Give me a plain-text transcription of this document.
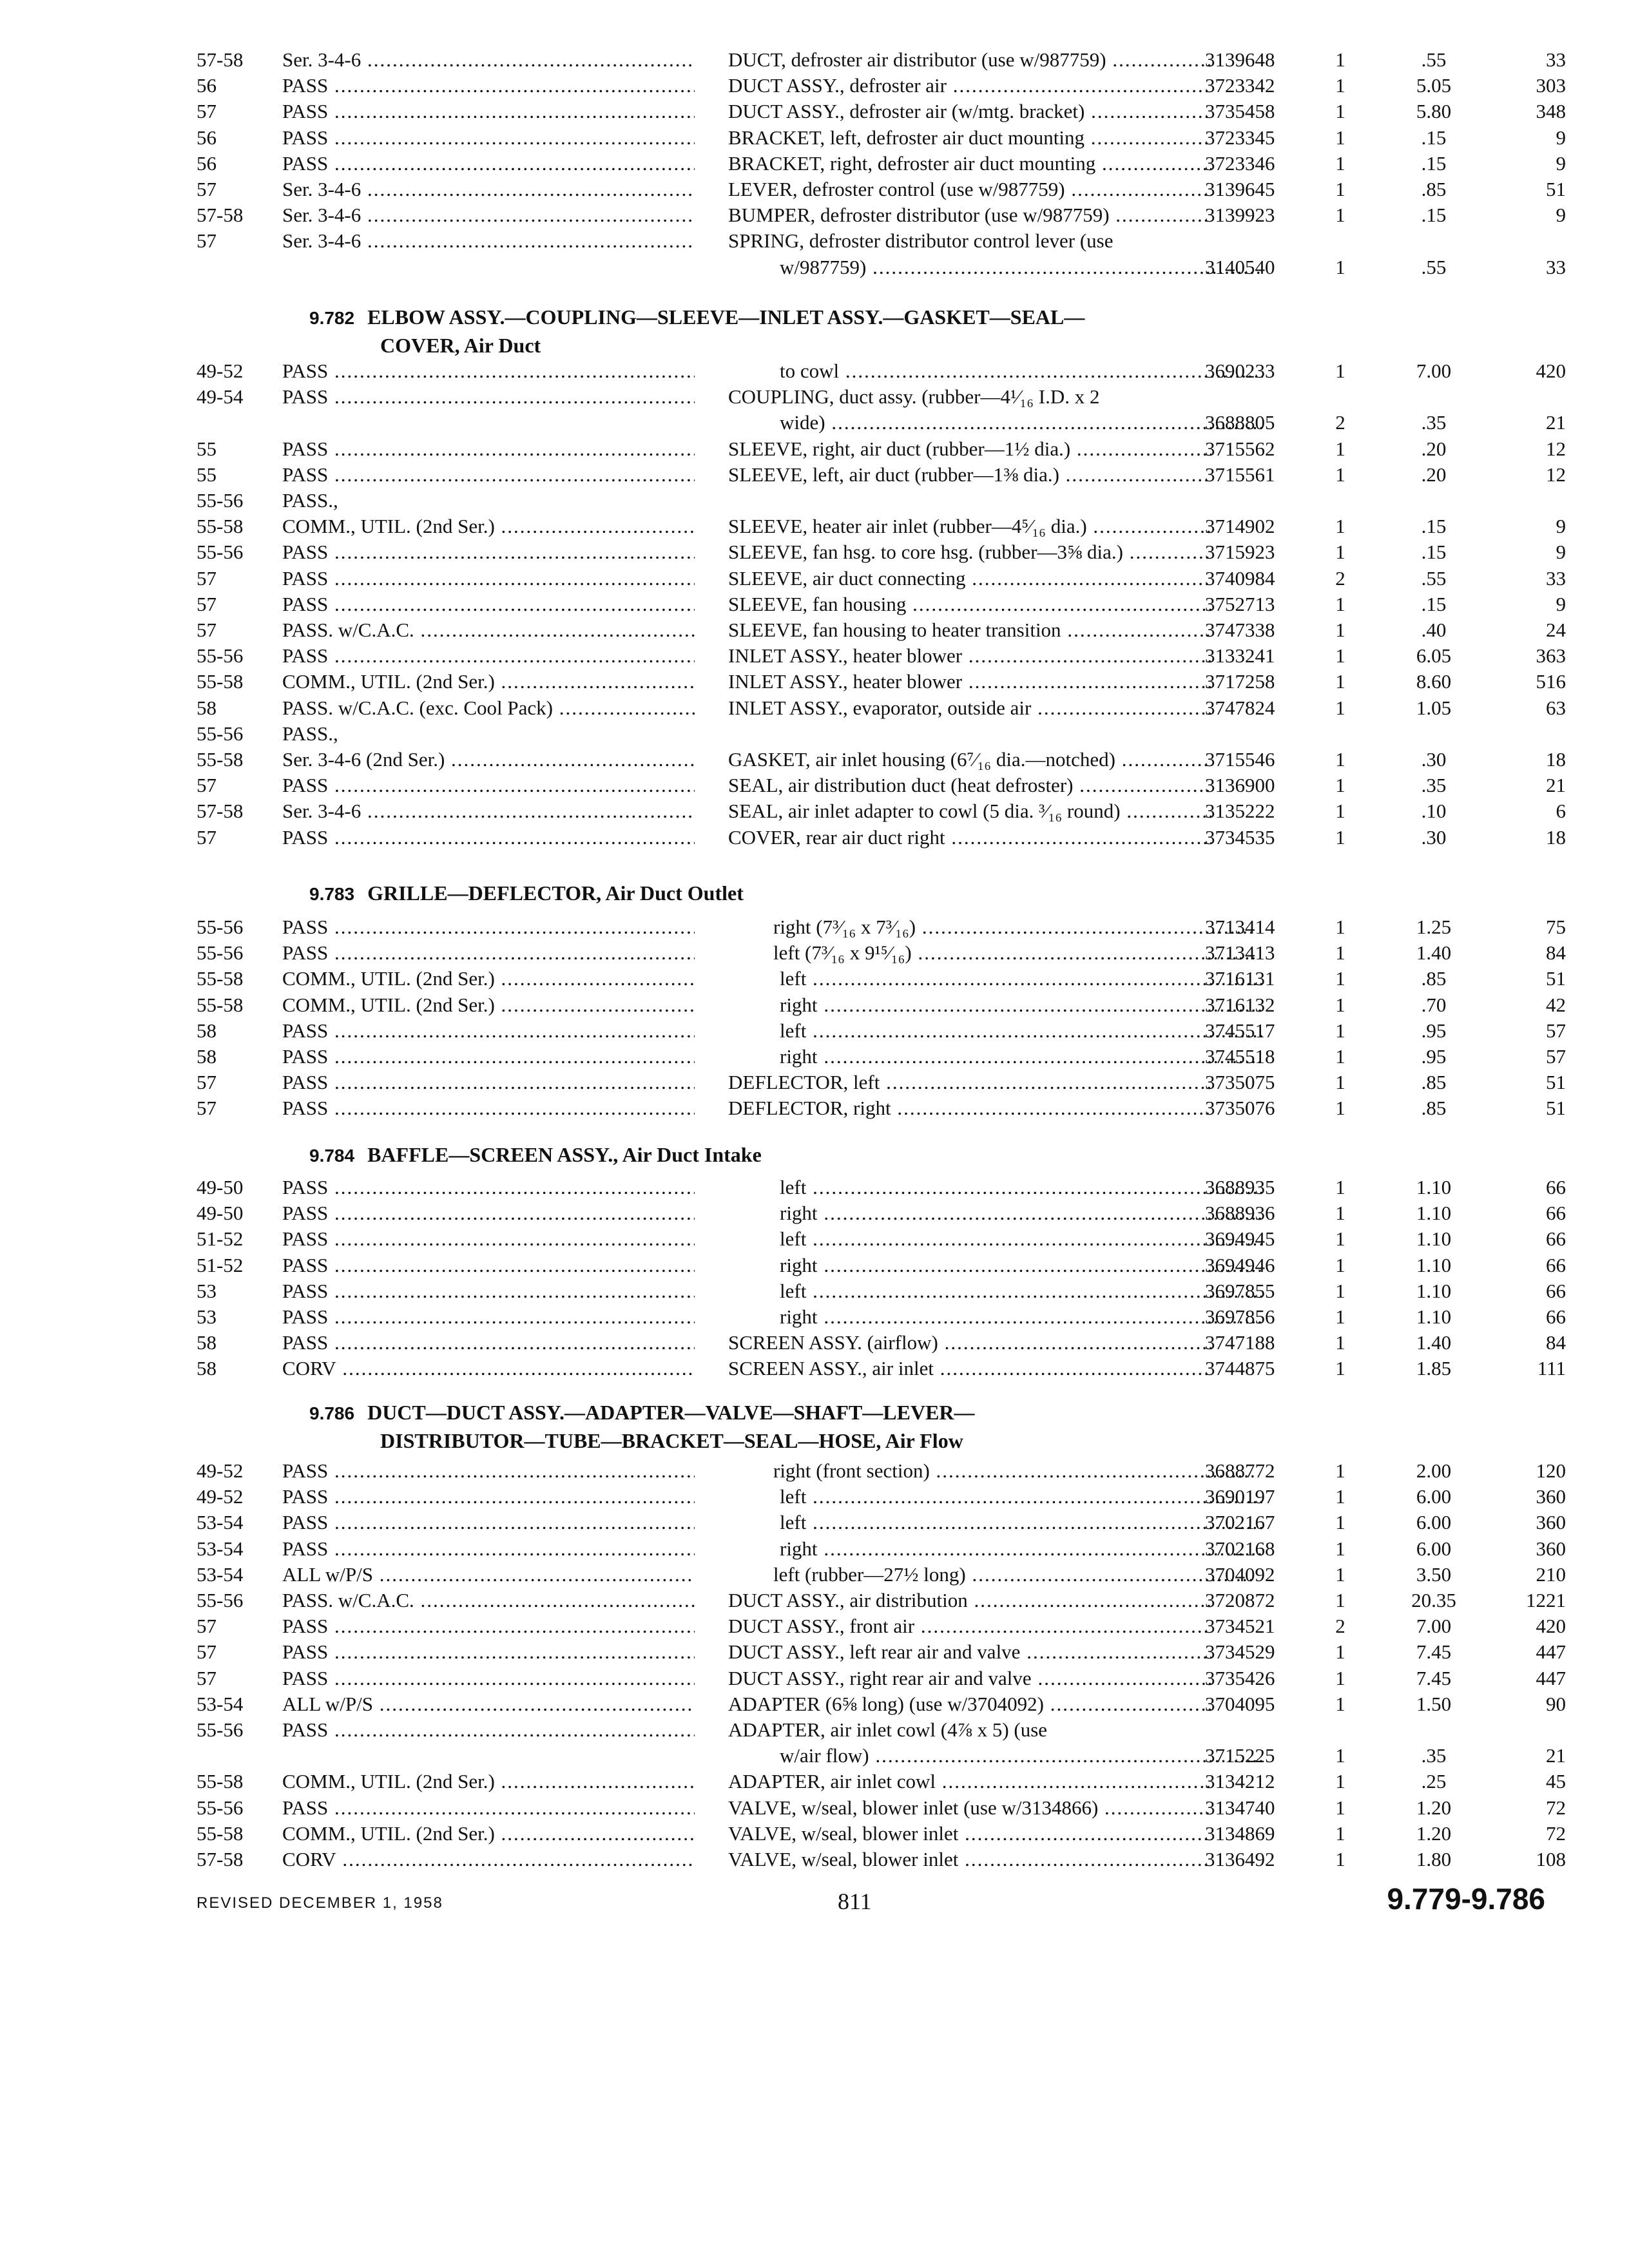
57-58	Ser. 3-4-6 .....	DUCT, defroster air distributor (use w/987759) .....	3139648	1	.55	33
56	PASS .....	DUCT ASSY., defroster air .....	3723342	1	5.05	303
57	PASS .....	DUCT ASSY., defroster air (w/mtg. bracket) .....	3735458	1	5.80	348
56	PASS .....	BRACKET, left, defroster air duct mounting .....	3723345	1	.15	9
56	PASS .....	BRACKET, right, defroster air duct mounting .....	3723346	1	.15	9
57	Ser. 3-4-6 .....	LEVER, defroster control (use w/987759) .....	3139645	1	.85	51
57-58	Ser. 3-4-6 .....	BUMPER, defroster distributor (use w/987759) .....	3139923	1	.15	9
57	Ser. 3-4-6 .....	SPRING, defroster distributor control lever (use
w/987759) .....	3140540	1	.55	33
9.782 ELBOW ASSY.—COUPLING—SLEEVE—INLET ASSY.—GASKET—SEAL—
COVER, Air Duct
49-52	PASS .....	to cowl .....	3690233	1	7.00	420
49-54	PASS .....	COUPLING, duct assy. (rubber—4¹⁄₁₆ I.D. x 2
wide) .....	3688805	2	.35	21
55	PASS .....	SLEEVE, right, air duct (rubber—1½ dia.) .....	3715562	1	.20	12
55	PASS .....	SLEEVE, left, air duct (rubber—1⅜ dia.) .....	3715561	1	.20	12
55-56	PASS.,
55-58	COMM., UTIL. (2nd Ser.) .....	SLEEVE, heater air inlet (rubber—4⁵⁄₁₆ dia.) .....	3714902	1	.15	9
55-56	PASS .....	SLEEVE, fan hsg. to core hsg. (rubber—3⅝ dia.) .....	3715923	1	.15	9
57	PASS .....	SLEEVE, air duct connecting .....	3740984	2	.55	33
57	PASS .....	SLEEVE, fan housing .....	3752713	1	.15	9
57	PASS. w/C.A.C. .....	SLEEVE, fan housing to heater transition .....	3747338	1	.40	24
55-56	PASS .....	INLET ASSY., heater blower .....	3133241	1	6.05	363
55-58	COMM., UTIL. (2nd Ser.) .....	INLET ASSY., heater blower .....	3717258	1	8.60	516
58	PASS. w/C.A.C. (exc. Cool Pack) .....	INLET ASSY., evaporator, outside air .....	3747824	1	1.05	63
55-56	PASS.,
55-58	Ser. 3-4-6 (2nd Ser.) .....	GASKET, air inlet housing (6⁷⁄₁₆ dia.—notched) .....	3715546	1	.30	18
57	PASS .....	SEAL, air distribution duct (heat defroster) .....	3136900	1	.35	21
57-58	Ser. 3-4-6 .....	SEAL, air inlet adapter to cowl (5 dia. ³⁄₁₆ round) .....	3135222	1	.10	6
57	PASS .....	COVER, rear air duct right .....	3734535	1	.30	18
9.783 GRILLE—DEFLECTOR, Air Duct Outlet
55-56	PASS .....	right (7³⁄₁₆ x 7³⁄₁₆) .....	3713414	1	1.25	75
55-56	PASS .....	left (7³⁄₁₆ x 9¹⁵⁄₁₆) .....	3713413	1	1.40	84
55-58	COMM., UTIL. (2nd Ser.) .....	left .....	3716131	1	.85	51
55-58	COMM., UTIL. (2nd Ser.) .....	right .....	3716132	1	.70	42
58	PASS .....	left .....	3745517	1	.95	57
58	PASS .....	right .....	3745518	1	.95	57
57	PASS .....	DEFLECTOR, left .....	3735075	1	.85	51
57	PASS .....	DEFLECTOR, right .....	3735076	1	.85	51
9.784 BAFFLE—SCREEN ASSY., Air Duct Intake
49-50	PASS .....	left .....	3688935	1	1.10	66
49-50	PASS .....	right .....	3688936	1	1.10	66
51-52	PASS .....	left .....	3694945	1	1.10	66
51-52	PASS .....	right .....	3694946	1	1.10	66
53	PASS .....	left .....	3697855	1	1.10	66
53	PASS .....	right .....	3697856	1	1.10	66
58	PASS .....	SCREEN ASSY. (airflow) .....	3747188	1	1.40	84
58	CORV .....	SCREEN ASSY., air inlet .....	3744875	1	1.85	111
9.786 DUCT—DUCT ASSY.—ADAPTER—VALVE—SHAFT—LEVER—
DISTRIBUTOR—TUBE—BRACKET—SEAL—HOSE, Air Flow
49-52	PASS .....	right (front section) .....	3688772	1	2.00	120
49-52	PASS .....	left .....	3690197	1	6.00	360
53-54	PASS .....	left .....	3702167	1	6.00	360
53-54	PASS .....	right .....	3702168	1	6.00	360
53-54	ALL w/P/S .....	left (rubber—27½ long) .....	3704092	1	3.50	210
55-56	PASS. w/C.A.C. .....	DUCT ASSY., air distribution .....	3720872	1	20.35	1221
57	PASS .....	DUCT ASSY., front air .....	3734521	2	7.00	420
57	PASS .....	DUCT ASSY., left rear air and valve .....	3734529	1	7.45	447
57	PASS .....	DUCT ASSY., right rear air and valve .....	3735426	1	7.45	447
53-54	ALL w/P/S .....	ADAPTER (6⅝ long) (use w/3704092) .....	3704095	1	1.50	90
55-56	PASS .....	ADAPTER, air inlet cowl (4⅞ x 5) (use
w/air flow) .....	3715225	1	.35	21
55-58	COMM., UTIL. (2nd Ser.) .....	ADAPTER, air inlet cowl .....	3134212	1	.25	45
55-56	PASS .....	VALVE, w/seal, blower inlet (use w/3134866) .....	3134740	1	1.20	72
55-58	COMM., UTIL. (2nd Ser.) .....	VALVE, w/seal, blower inlet .....	3134869	1	1.20	72
57-58	CORV .....	VALVE, w/seal, blower inlet .....	3136492	1	1.80	108
REVISED DECEMBER 1, 1958	811	9.779-9.786
